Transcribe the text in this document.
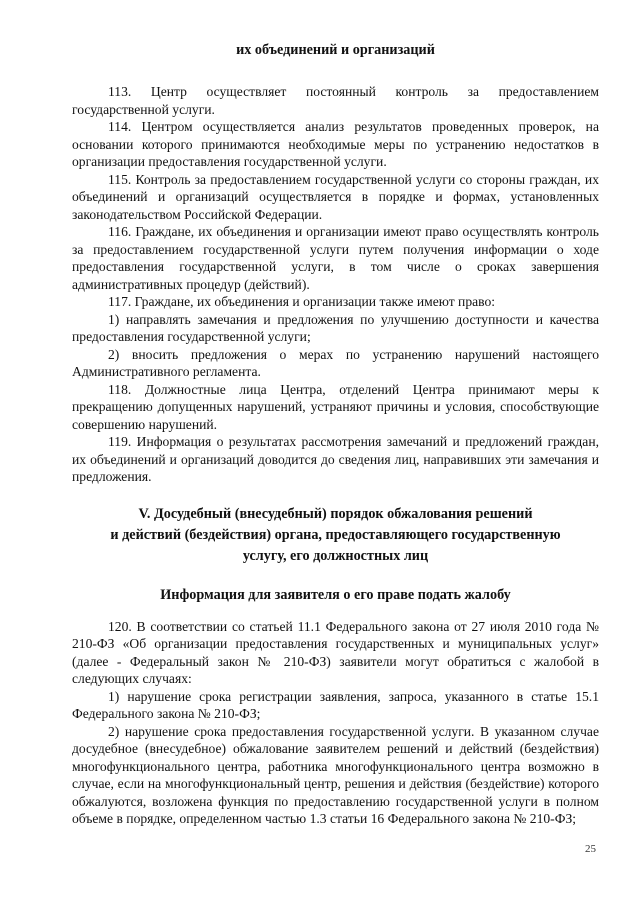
их объединений и организаций

113. Центр осуществляет постоянный контроль за предоставлением государственной услуги.

114. Центром осуществляется анализ результатов проведенных проверок, на основании которого принимаются необходимые меры по устранению недостатков в организации предоставления государственной услуги.

115. Контроль за предоставлением государственной услуги со стороны граждан, их объединений и организаций осуществляется в порядке и формах, установленных законодательством Российской Федерации.

116. Граждане, их объединения и организации имеют право осуществлять контроль за предоставлением государственной услуги путем получения информации о ходе предоставления государственной услуги, в том числе о сроках завершения административных процедур (действий).

117. Граждане, их объединения и организации также имеют право:

1) направлять замечания и предложения по улучшению доступности и качества предоставления государственной услуги;

2) вносить предложения о мерах по устранению нарушений настоящего Административного регламента.

118. Должностные лица Центра, отделений Центра принимают меры к прекращению допущенных нарушений, устраняют причины и условия, способствующие совершению нарушений.

119. Информация о результатах рассмотрения замечаний и предложений граждан, их объединений и организаций доводится до сведения лиц, направивших эти замечания и предложения.

V. Досудебный (внесудебный) порядок обжалования решений
и действий (бездействия) органа, предоставляющего государственную
услугу, его должностных лиц
Информация для заявителя о его праве подать жалобу

120. В соответствии со статьей 11.1 Федерального закона от 27 июля 2010 года № 210-ФЗ «Об организации предоставления государственных и муниципальных услуг» (далее - Федеральный закон № 210-ФЗ) заявители могут обратиться с жалобой в следующих случаях:

1) нарушение срока регистрации заявления, запроса, указанного в статье 15.1 Федерального закона № 210-ФЗ;

2) нарушение срока предоставления государственной услуги. В указанном случае досудебное (внесудебное) обжалование заявителем решений и действий (бездействия) многофункционального центра, работника многофункционального центра возможно в случае, если на многофункциональный центр, решения и действия (бездействие) которого обжалуются, возложена функция по предоставлению государственной услуги в полном объеме в порядке, определенном частью 1.3 статьи 16 Федерального закона № 210-ФЗ;

25
